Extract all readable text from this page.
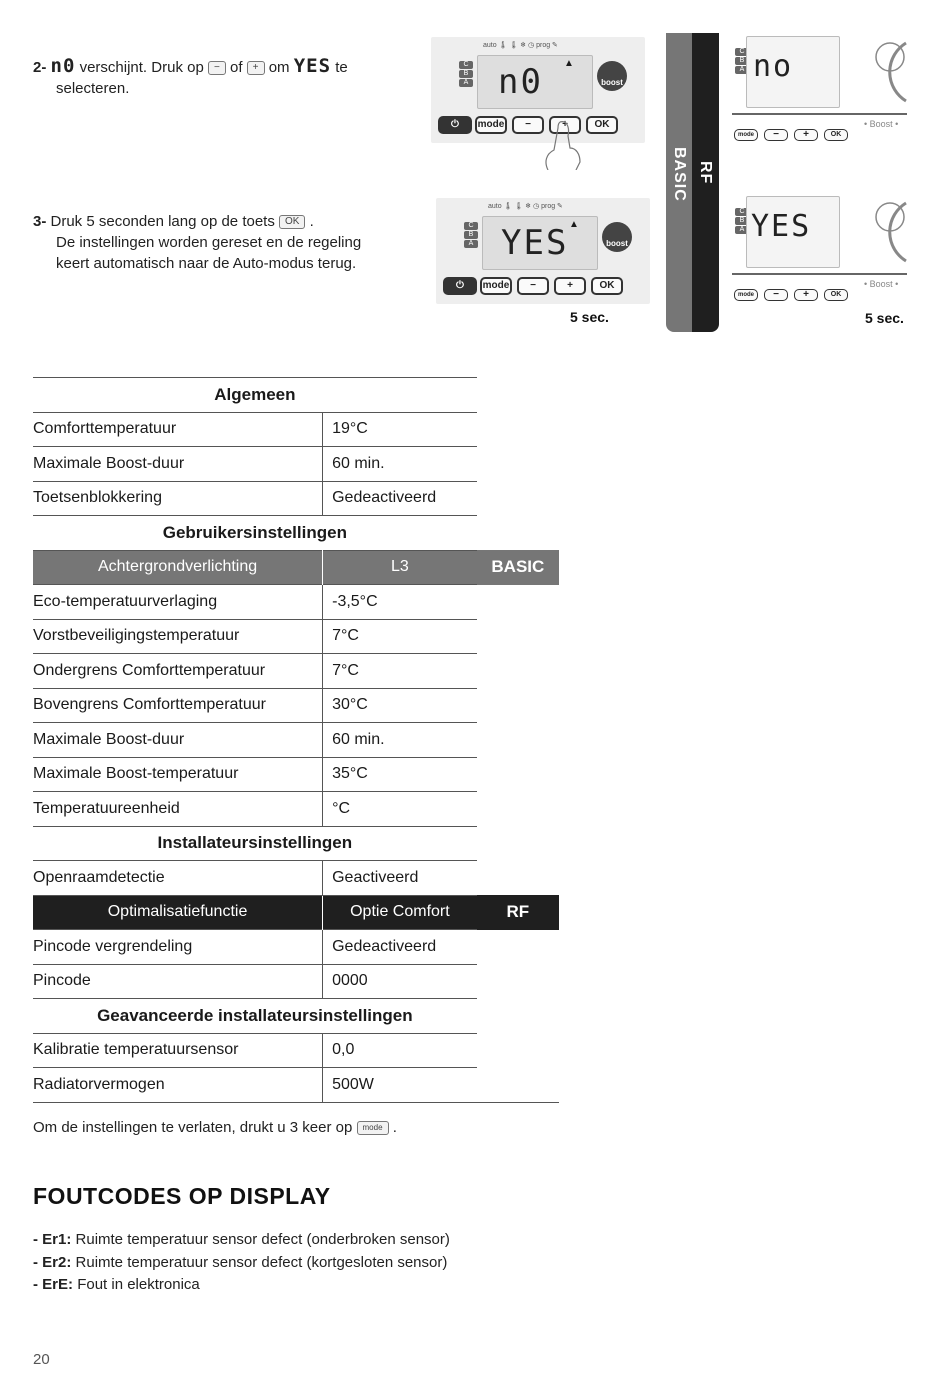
2- n0 verschijnt. Druk op − of + om YES te
selecteren.
3- Druk 5 seconden lang op de toets OK .
De instellingen worden gereset en de regeling
keert automatisch naar de Auto-modus terug.
auto 🌡 🌡 ❄ ◷ prog ✎
C
B
A n0 ▲
boost
⏻	mode	−	+	OK
auto 🌡 🌡 ❄ ◷ prog ✎
C
B
A YES ▲
boost
⏻	mode	−	+	OK
5 sec.
BASIC RF
C
B
A no
• Boost •
mode	−	+	OK
C
B
A YES
• Boost •
mode	−	+	OK
5 sec.
Algemeen		
Comforttemperatuur	19°C	
Maximale Boost-duur	60 min.	
Toetsenblokkering	Gedeactiveerd	
Gebruikersinstellingen		
Achtergrondverlichting	L3	BASIC
Eco-temperatuurverlaging	-3,5°C	
Vorstbeveiligingstemperatuur	7°C	
Ondergrens Comforttemperatuur	7°C	
Bovengrens Comforttemperatuur	30°C	
Maximale Boost-duur	60 min.	
Maximale Boost-temperatuur	35°C	
Temperatuureenheid	°C	
Installateursinstellingen		
Openraamdetectie	Geactiveerd	
Optimalisatiefunctie	Optie Comfort	RF
Pincode vergrendeling	Gedeactiveerd	
Pincode	0000	
Geavanceerde installateursinstellingen		
Kalibratie temperatuursensor	0,0	
Radiatorvermogen	500W	
Om de instellingen te verlaten, drukt u 3 keer op mode .
FOUTCODES OP DISPLAY
- Er1: Ruimte temperatuur sensor defect (onderbroken sensor)
- Er2: Ruimte temperatuur sensor defect (kortgesloten sensor)
- ErE: Fout in elektronica
20
